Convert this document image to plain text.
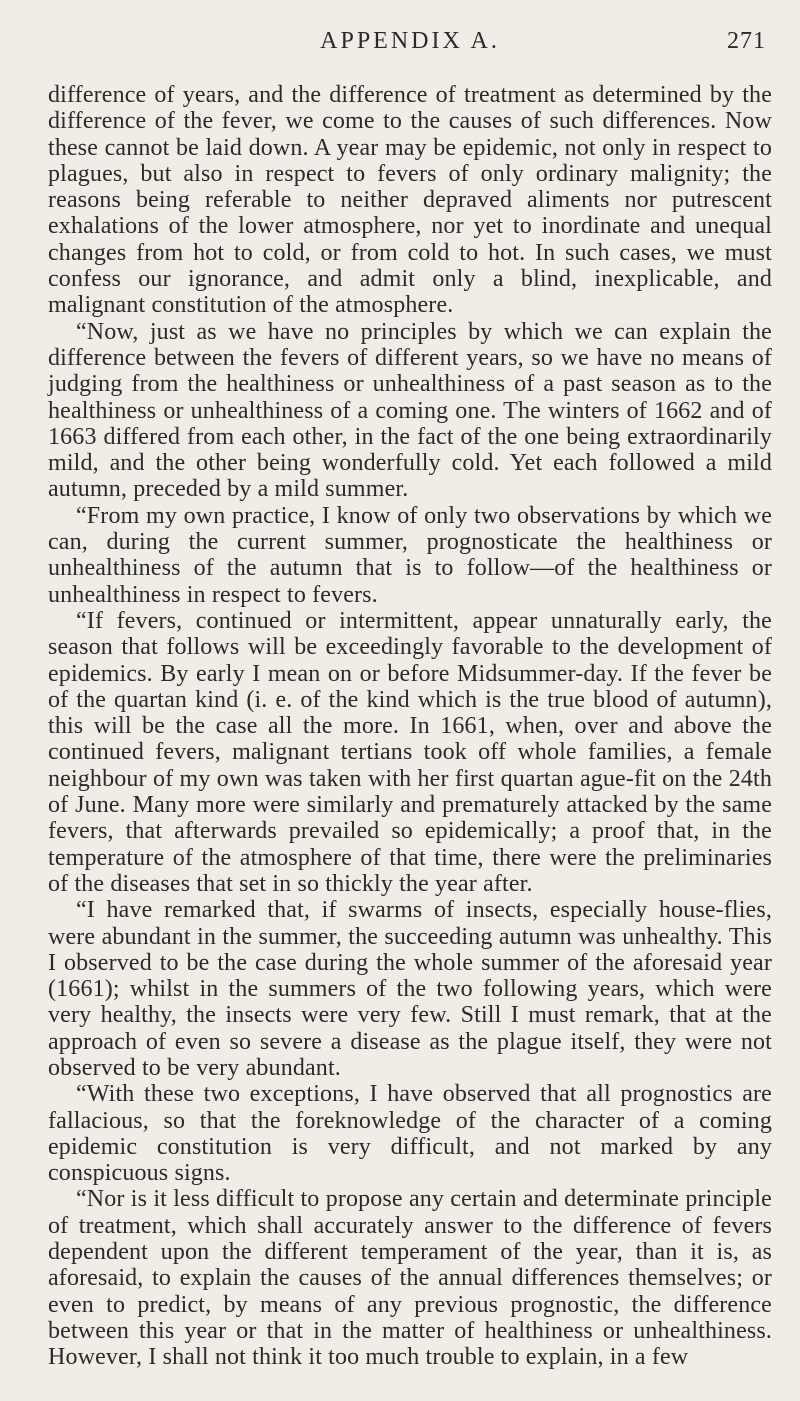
APPENDIX A.	271

difference of years, and the difference of treatment as determined by the difference of the fever, we come to the causes of such differences. Now these cannot be laid down. A year may be epidemic, not only in respect to plagues, but also in respect to fevers of only ordinary malignity; the reasons being referable to neither depraved aliments nor putrescent exhalations of the lower atmosphere, nor yet to inordinate and unequal changes from hot to cold, or from cold to hot. In such cases, we must confess our ignorance, and admit only a blind, inexplicable, and malignant constitution of the atmosphere.

“Now, just as we have no principles by which we can explain the difference between the fevers of different years, so we have no means of judging from the healthiness or unhealthiness of a past season as to the healthiness or unhealthiness of a coming one. The winters of 1662 and of 1663 differed from each other, in the fact of the one being extraordinarily mild, and the other being wonderfully cold. Yet each followed a mild autumn, preceded by a mild summer.

“From my own practice, I know of only two observations by which we can, during the current summer, prognosticate the healthiness or unhealthiness of the autumn that is to follow—of the healthiness or unhealthiness in respect to fevers.

“If fevers, continued or intermittent, appear unnaturally early, the season that follows will be exceedingly favorable to the development of epidemics. By early I mean on or before Midsummer-day. If the fever be of the quartan kind (i. e. of the kind which is the true blood of autumn), this will be the case all the more. In 1661, when, over and above the continued fevers, malignant tertians took off whole families, a female neighbour of my own was taken with her first quartan ague-fit on the 24th of June. Many more were similarly and prematurely attacked by the same fevers, that afterwards prevailed so epidemically; a proof that, in the temperature of the atmosphere of that time, there were the preliminaries of the diseases that set in so thickly the year after.

“I have remarked that, if swarms of insects, especially house-flies, were abundant in the summer, the succeeding autumn was unhealthy. This I observed to be the case during the whole summer of the aforesaid year (1661); whilst in the summers of the two following years, which were very healthy, the insects were very few. Still I must remark, that at the approach of even so severe a disease as the plague itself, they were not observed to be very abundant.

“With these two exceptions, I have observed that all prognostics are fallacious, so that the foreknowledge of the character of a coming epidemic constitution is very difficult, and not marked by any conspicuous signs.

“Nor is it less difficult to propose any certain and determinate principle of treatment, which shall accurately answer to the difference of fevers dependent upon the different temperament of the year, than it is, as aforesaid, to explain the causes of the annual differences themselves; or even to predict, by means of any previous prognostic, the difference between this year or that in the matter of healthiness or unhealthiness. However, I shall not think it too much trouble to explain, in a few
